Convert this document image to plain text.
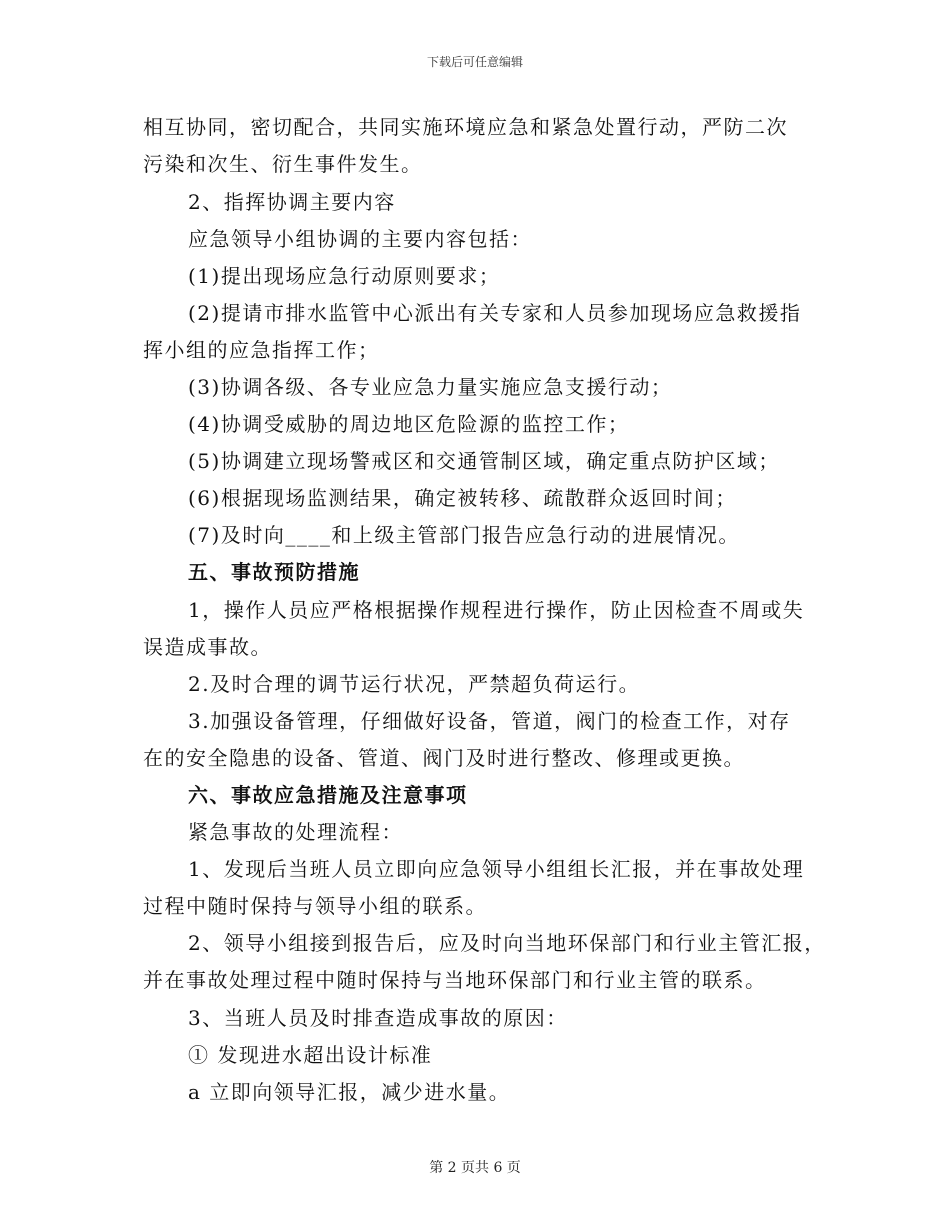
下载后可任意编辑
相互协同，密切配合，共同实施环境应急和紧急处置行动，严防二次
污染和次生、衍生事件发生。
2、指挥协调主要内容
应急领导小组协调的主要内容包括：
(1)提出现场应急行动原则要求；
(2)提请市排水监管中心派出有关专家和人员参加现场应急救援指
挥小组的应急指挥工作；
(3)协调各级、各专业应急力量实施应急支援行动；
(4)协调受威胁的周边地区危险源的监控工作；
(5)协调建立现场警戒区和交通管制区域，确定重点防护区域；
(6)根据现场监测结果，确定被转移、疏散群众返回时间；
(7)及时向____和上级主管部门报告应急行动的进展情况。
五、事故预防措施
1，操作人员应严格根据操作规程进行操作，防止因检查不周或失
误造成事故。
2.及时合理的调节运行状况，严禁超负荷运行。
3.加强设备管理，仔细做好设备，管道，阀门的检查工作，对存
在的安全隐患的设备、管道、阀门及时进行整改、修理或更换。
六、事故应急措施及注意事项
紧急事故的处理流程：
1、发现后当班人员立即向应急领导小组组长汇报，并在事故处理
过程中随时保持与领导小组的联系。
2、领导小组接到报告后，应及时向当地环保部门和行业主管汇报，
并在事故处理过程中随时保持与当地环保部门和行业主管的联系。
3、当班人员及时排查造成事故的原因：
① 发现进水超出设计标准
a 立即向领导汇报，减少进水量。
第 2 页共 6 页
